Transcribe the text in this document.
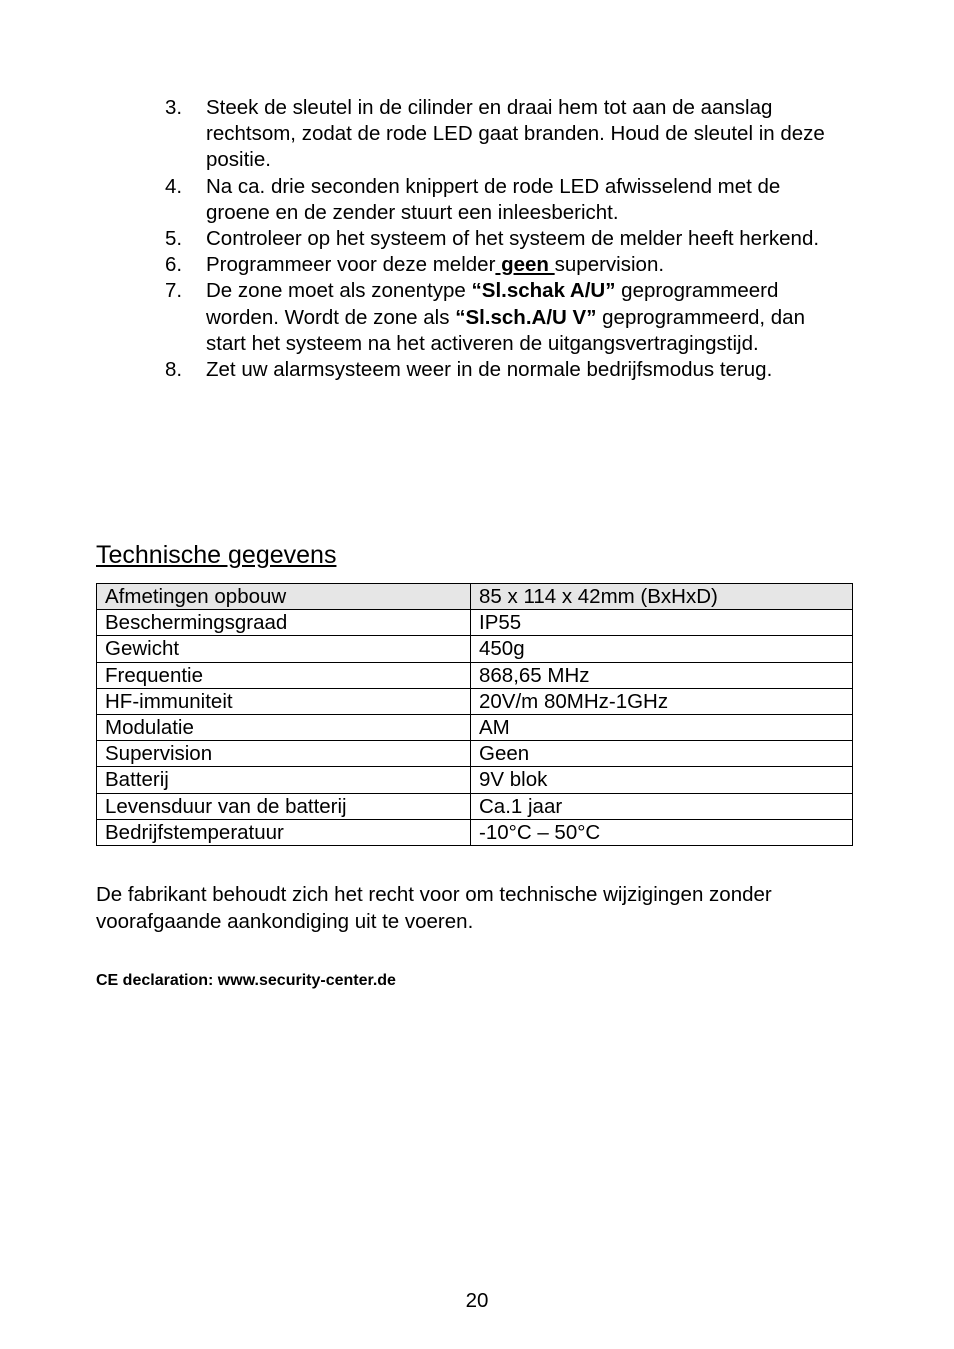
3.	Steek de sleutel in de cilinder en draai hem tot aan de aanslag rechtsom, zodat de rode LED gaat branden. Houd de sleutel in deze positie.
4.	Na ca. drie seconden knippert de rode LED afwisselend met de groene en de zender stuurt een inleesbericht.
5.	Controleer op het systeem of het systeem de melder heeft herkend.
6.	Programmeer voor deze melder geen supervision.
7.	De zone moet als zonentype “Sl.schak A/U” geprogrammeerd worden. Wordt de zone als “Sl.sch.A/U V” geprogrammeerd, dan start het systeem na het activeren de uitgangsvertragingstijd.
8.	Zet uw alarmsysteem weer in de normale bedrijfsmodus terug.
Technische gegevens
Afmetingen opbouw	85 x 114 x 42mm (BxHxD)
Beschermingsgraad	IP55
Gewicht	450g
Frequentie	868,65 MHz
HF-immuniteit	20V/m 80MHz-1GHz
Modulatie	AM
Supervision	Geen
Batterij	9V blok
Levensduur van de batterij	Ca.1 jaar
Bedrijfstemperatuur	-10°C – 50°C
De fabrikant behoudt zich het recht voor om technische wijzigingen zonder voorafgaande aankondiging uit te voeren.
CE declaration: www.security-center.de
20
